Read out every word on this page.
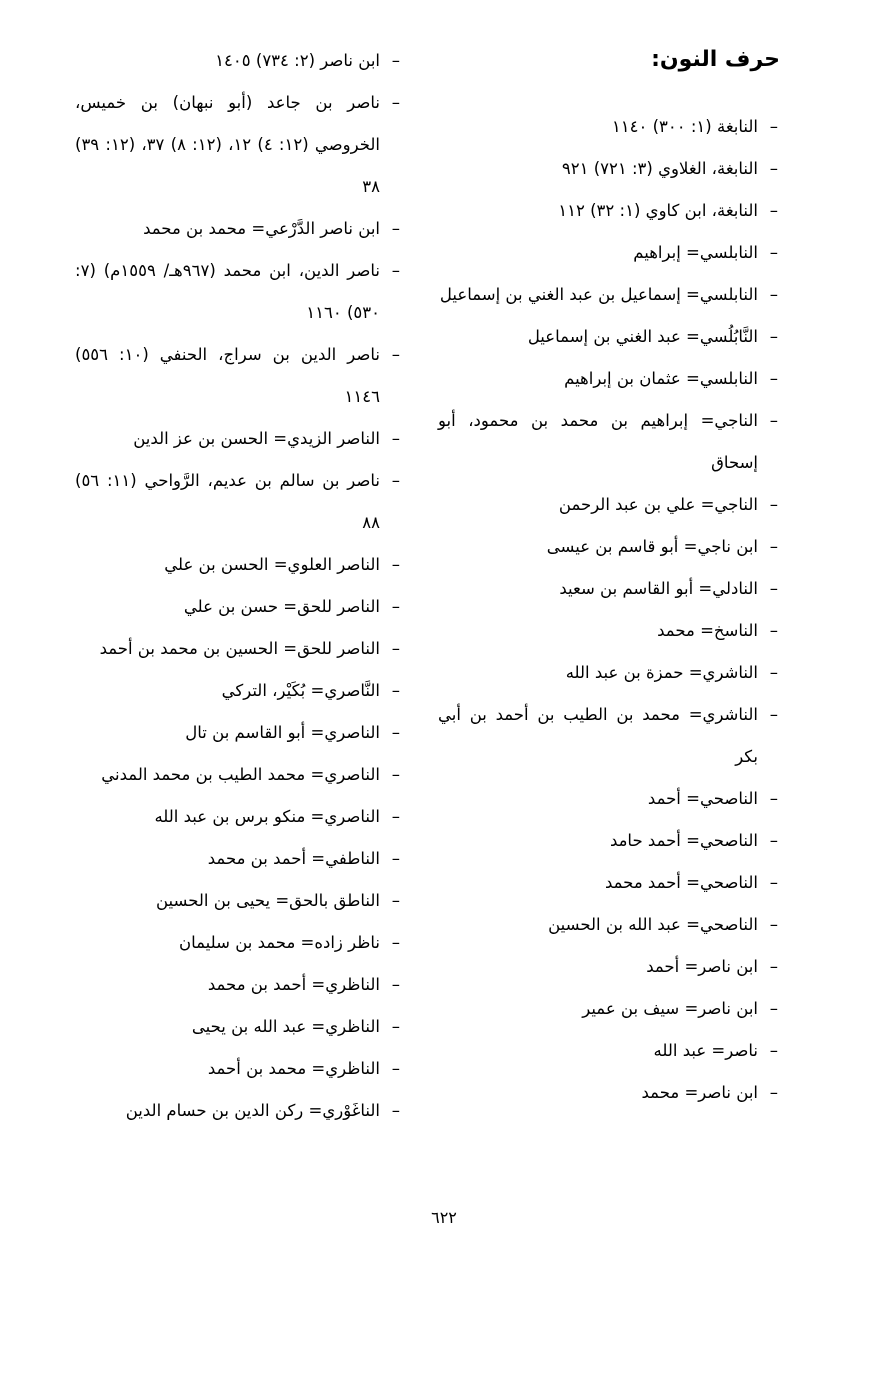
حرف النون:
–
النابغة (١: ٣٠٠) ١١٤٠
–
النابغة، الغلاوي (٣: ٧٢١) ٩٢١
–
النابغة، ابن كاوي (١: ٣٢) ١١٢
–
النابلسي= إبراهيم
–
النابلسي= إسماعيل بن عبد الغني بن إسماعيل
–
النَّابُلُسي= عبد الغني بن إسماعيل
–
النابلسي= عثمان بن إبراهيم
–
الناجي= إبراهيم بن محمد بن محمود، أبو إسحاق
–
الناجي= علي بن عبد الرحمن
–
ابن ناجي= أبو قاسم بن عيسى
–
النادلي= أبو القاسم بن سعيد
–
الناسخ= محمد
–
الناشري= حمزة بن عبد الله
–
الناشري= محمد بن الطيب بن أحمد بن أبي بكر
–
الناصحي= أحمد
–
الناصحي= أحمد حامد
–
الناصحي= أحمد محمد
–
الناصحي= عبد الله بن الحسين
–
ابن ناصر= أحمد
–
ابن ناصر= سيف بن عمير
–
ناصر= عبد الله
–
ابن ناصر= محمد
–
ابن ناصر (٢: ٧٣٤) ١٤٠٥
–
ناصر بن جاعد (أبو نبهان) بن خميس، الخروصي (١٢: ٤) ١٢، (١٢: ٨) ٣٧، (١٢: ٣٩) ٣٨
–
ابن ناصر الدَّرْعي= محمد بن محمد
–
ناصر الدين، ابن محمد (٩٦٧هـ/ ١٥٥٩م) (٧: ٥٣٠) ١١٦٠
–
ناصر الدين بن سراج، الحنفي (١٠: ٥٥٦) ١١٤٦
–
الناصر الزيدي= الحسن بن عز الدين
–
ناصر بن سالم بن عديم، الرَّواحي (١١: ٥٦) ٨٨
–
الناصر العلوي= الحسن بن علي
–
الناصر للحق= حسن بن علي
–
الناصر للحق= الحسين بن محمد بن أحمد
–
النَّاصري= بُكَيْر، التركي
–
الناصري= أبو القاسم بن تال
–
الناصري= محمد الطيب بن محمد المدني
–
الناصري= منكو برس بن عبد الله
–
الناطفي= أحمد بن محمد
–
الناطق بالحق= يحيى بن الحسين
–
ناظر زاده= محمد بن سليمان
–
الناظري= أحمد بن محمد
–
الناظري= عبد الله بن يحيى
–
الناظري= محمد بن أحمد
–
الناغَوْري= ركن الدين بن حسام الدين
٦٢٢
